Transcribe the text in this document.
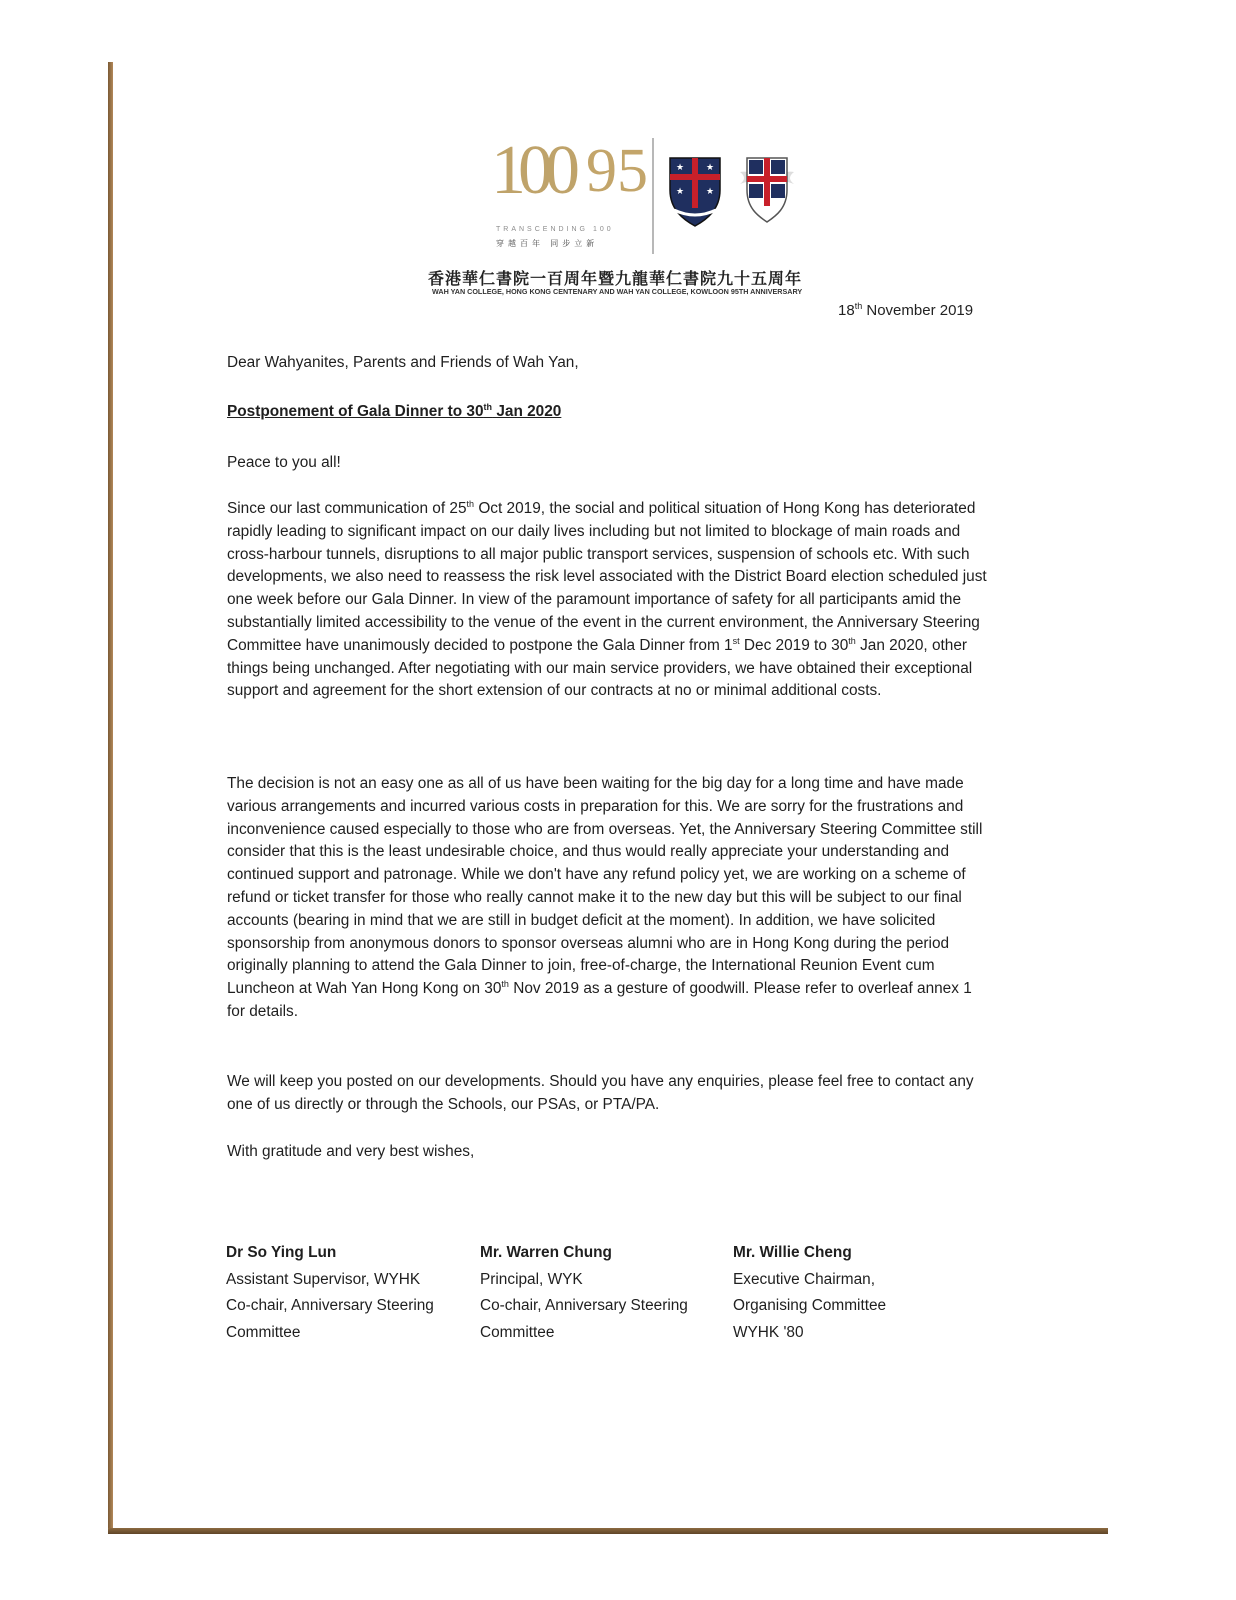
100 95
TRANSCENDING 100
穿越百年 同步立新
★ ★
★ ★
香港華仁書院一百周年暨九龍華仁書院九十五周年
WAH YAN COLLEGE, HONG KONG CENTENARY AND WAH YAN COLLEGE, KOWLOON 95TH ANNIVERSARY
18th November 2019
Dear Wahyanites, Parents and Friends of Wah Yan,
Postponement of Gala Dinner to 30th Jan 2020
Peace to you all!
Since our last communication of 25th Oct 2019, the social and political situation of Hong Kong has deteriorated rapidly leading to significant impact on our daily lives including but not limited to blockage of main roads and cross-harbour tunnels, disruptions to all major public transport services, suspension of schools etc. With such developments, we also need to reassess the risk level associated with the District Board election scheduled just one week before our Gala Dinner. In view of the paramount importance of safety for all participants amid the substantially limited accessibility to the venue of the event in the current environment, the Anniversary Steering Committee have unanimously decided to postpone the Gala Dinner from 1st Dec 2019 to 30th Jan 2020, other things being unchanged. After negotiating with our main service providers, we have obtained their exceptional support and agreement for the short extension of our contracts at no or minimal additional costs.
The decision is not an easy one as all of us have been waiting for the big day for a long time and have made various arrangements and incurred various costs in preparation for this. We are sorry for the frustrations and inconvenience caused especially to those who are from overseas. Yet, the Anniversary Steering Committee still consider that this is the least undesirable choice, and thus would really appreciate your understanding and continued support and patronage. While we don't have any refund policy yet, we are working on a scheme of refund or ticket transfer for those who really cannot make it to the new day but this will be subject to our final accounts (bearing in mind that we are still in budget deficit at the moment). In addition, we have solicited sponsorship from anonymous donors to sponsor overseas alumni who are in Hong Kong during the period originally planning to attend the Gala Dinner to join, free-of-charge, the International Reunion Event cum Luncheon at Wah Yan Hong Kong on 30th Nov 2019 as a gesture of goodwill. Please refer to overleaf annex 1 for details.
We will keep you posted on our developments. Should you have any enquiries, please feel free to contact any one of us directly or through the Schools, our PSAs, or PTA/PA.
With gratitude and very best wishes,
Dr So Ying Lun
Assistant Supervisor, WYHK
Co-chair, Anniversary Steering Committee
Mr. Warren Chung
Principal, WYK
Co-chair, Anniversary Steering Committee
Mr. Willie Cheng
Executive Chairman,
Organising Committee
WYHK '80
